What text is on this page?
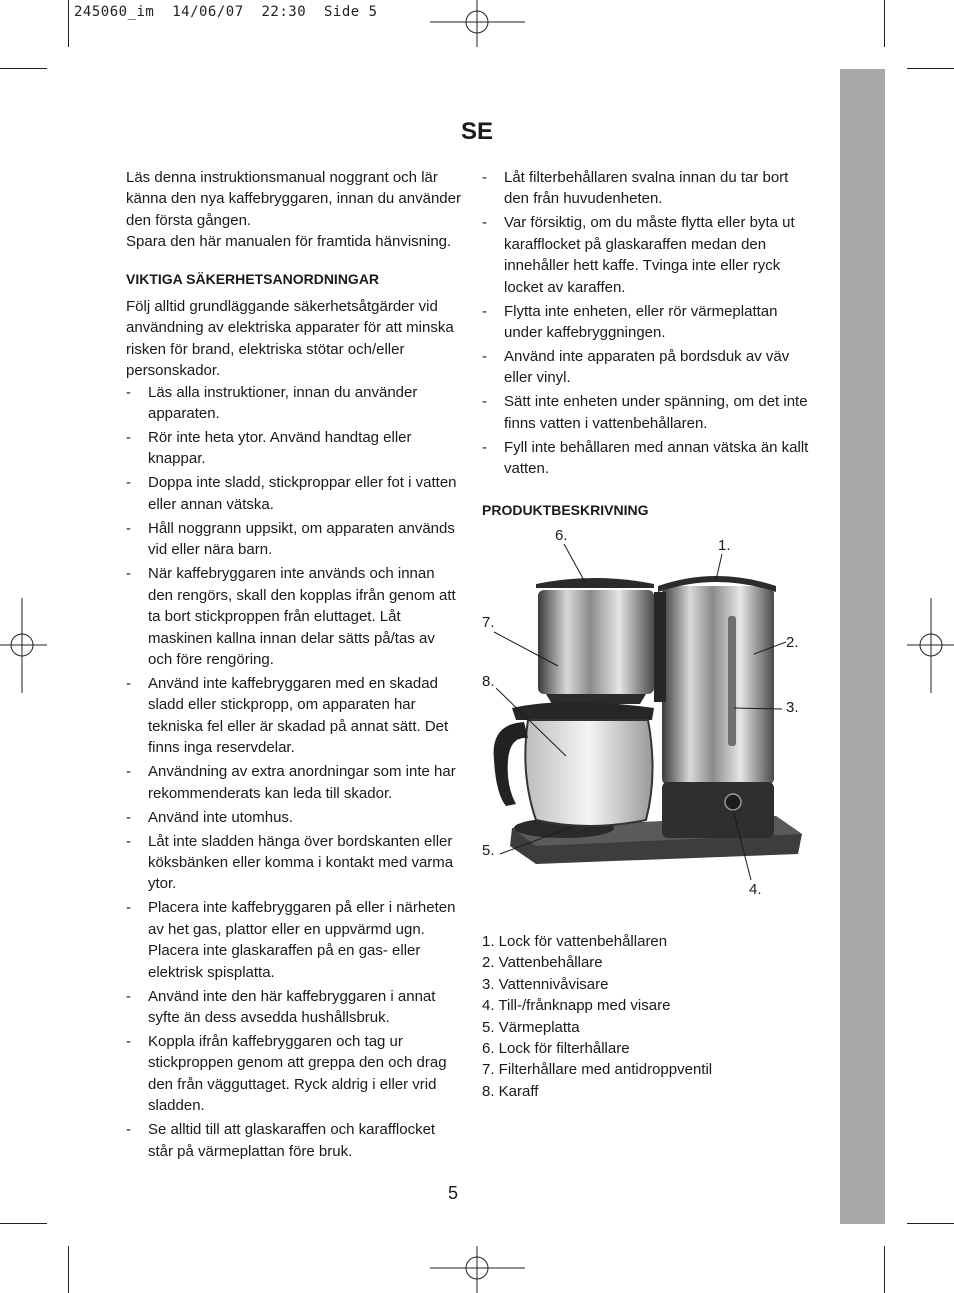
245060_im  14/06/07  22:30  Side 5
SE

Läs denna instruktionsmanual noggrant och lär känna den nya kaffebryggaren, innan du använder den första gången.

Spara den här manualen för framtida hänvisning.

VIKTIGA SÄKERHETSANORDNINGAR

Följ alltid grundläggande säkerhetsåtgärder vid användning av elektriska apparater för att minska risken för brand, elektriska stötar och/eller personskador.

- Läs alla instruktioner, innan du använder apparaten.
- Rör inte heta ytor. Använd handtag eller knappar.
- Doppa inte sladd, stickproppar eller fot i vatten eller annan vätska.
- Håll noggrann uppsikt, om apparaten används vid eller nära barn.
- När kaffebryggaren inte används och innan den rengörs, skall den kopplas ifrån genom att ta bort stickproppen från eluttaget. Låt maskinen kallna innan delar sätts på/tas av och före rengöring.
- Använd inte kaffebryggaren med en skadad sladd eller stickpropp, om apparaten har tekniska fel eller är skadad på annat sätt. Det finns inga reservdelar.
- Användning av extra anordningar som inte har rekommenderats kan leda till skador.
- Använd inte utomhus.
- Låt inte sladden hänga över bordskanten eller köksbänken eller komma i kontakt med varma ytor.
- Placera inte kaffebryggaren på eller i närheten av het gas, plattor eller en uppvärmd ugn. Placera inte glaskaraffen på en gas- eller elektrisk spisplatta.
- Använd inte den här kaffebryggaren i annat syfte än dess avsedda hushållsbruk.
- Koppla ifrån kaffebryggaren och tag ur stickproppen genom att greppa den och drag den från vägguttaget. Ryck aldrig i eller vrid sladden.
- Se alltid till att glaskaraffen och karafflocket står på värmeplattan före bruk.
- Låt filterbehållaren svalna innan du tar bort den från huvudenheten.
- Var försiktig, om du måste flytta eller byta ut karafflocket på glaskaraffen medan den innehåller hett kaffe. Tvinga inte eller ryck locket av karaffen.
- Flytta inte enheten, eller rör värmeplattan under kaffebryggningen.
- Använd inte apparaten på bordsduk av väv eller vinyl.
- Sätt inte enheten under spänning, om det inte finns vatten i vattenbehållaren.
- Fyll inte behållaren med annan vätska än kallt vatten.

PRODUKTBESKRIVNING

6.
1.
2.
3.
4.
5.
7.
8.
1. Lock för vattenbehållaren
2. Vattenbehållare
3. Vattennivåvisare
4. Till-/frånknapp med visare
5. Värmeplatta
6. Lock för filterhållare
7. Filterhållare med antidroppventil
8. Karaff
5
